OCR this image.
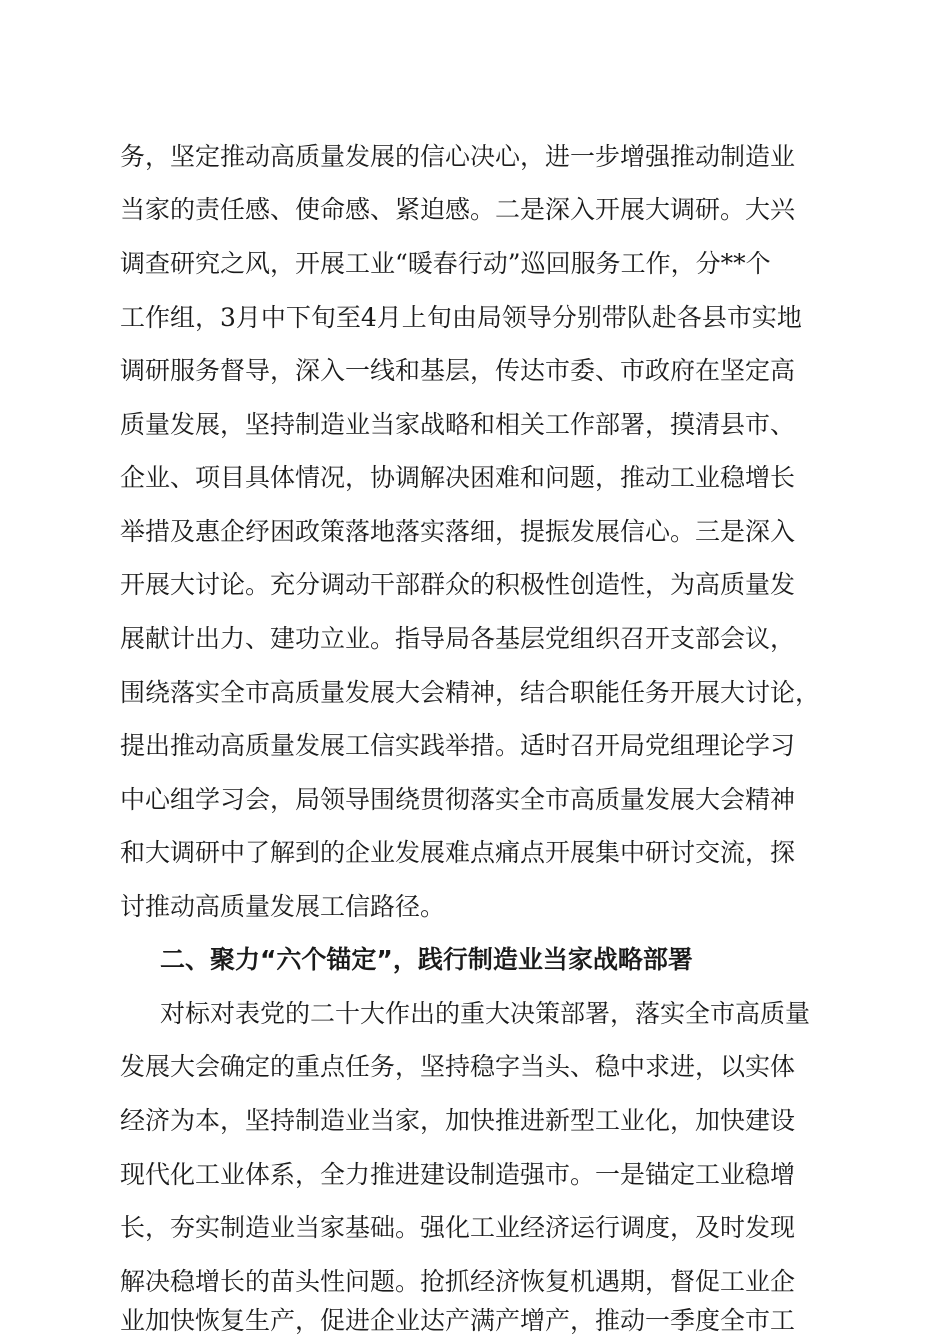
务，坚定推动高质量发展的信心决心，进一步增强推动制造业
当家的责任感、使命感、紧迫感。二是深入开展大调研。大兴
调查研究之风，开展工业“暖春行动”巡回服务工作，分**个
工作组，3月中下旬至4月上旬由局领导分别带队赴各县市实地
调研服务督导，深入一线和基层，传达市委、市政府在坚定高
质量发展，坚持制造业当家战略和相关工作部署，摸清县市、
企业、项目具体情况，协调解决困难和问题，推动工业稳增长
举措及惠企纾困政策落地落实落细，提振发展信心。三是深入
开展大讨论。充分调动干部群众的积极性创造性，为高质量发
展献计出力、建功立业。指导局各基层党组织召开支部会议，
围绕落实全市高质量发展大会精神，结合职能任务开展大讨论，
提出推动高质量发展工信实践举措。适时召开局党组理论学习
中心组学习会，局领导围绕贯彻落实全市高质量发展大会精神
和大调研中了解到的企业发展难点痛点开展集中研讨交流，探
讨推动高质量发展工信路径。
二、聚力“六个锚定”，践行制造业当家战略部署
对标对表党的二十大作出的重大决策部署，落实全市高质量
发展大会确定的重点任务，坚持稳字当头、稳中求进，以实体
经济为本，坚持制造业当家，加快推进新型工业化，加快建设
现代化工业体系，全力推进建设制造强市。一是锚定工业稳增
长，夯实制造业当家基础。强化工业经济运行调度，及时发现
解决稳增长的苗头性问题。抢抓经济恢复机遇期，督促工业企
业加快恢复生产，促进企业达产满产增产，推动一季度全市工
